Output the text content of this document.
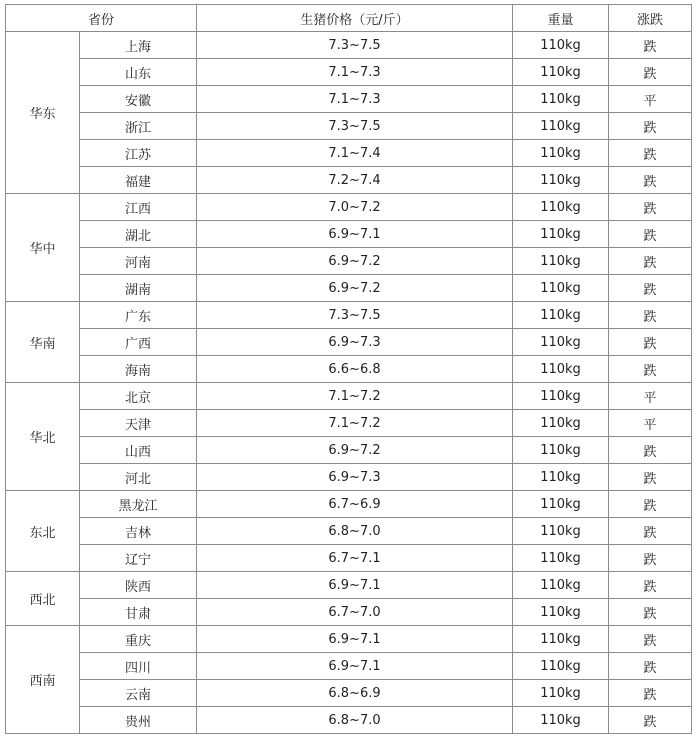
省份		生猪价格（元/斤）	重量	涨跌
华东	上海	7.3~7.5	110kg	跌
	山东	7.1~7.3	110kg	跌
	安徽	7.1~7.3	110kg	平
	浙江	7.3~7.5	110kg	跌
	江苏	7.1~7.4	110kg	跌
	福建	7.2~7.4	110kg	跌
华中	江西	7.0~7.2	110kg	跌
	湖北	6.9~7.1	110kg	跌
	河南	6.9~7.2	110kg	跌
	湖南	6.9~7.2	110kg	跌
华南	广东	7.3~7.5	110kg	跌
	广西	6.9~7.3	110kg	跌
	海南	6.6~6.8	110kg	跌
华北	北京	7.1~7.2	110kg	平
	天津	7.1~7.2	110kg	平
	山西	6.9~7.2	110kg	跌
	河北	6.9~7.3	110kg	跌
东北	黑龙江	6.7~6.9	110kg	跌
	吉林	6.8~7.0	110kg	跌
	辽宁	6.7~7.1	110kg	跌
西北	陕西	6.9~7.1	110kg	跌
	甘肃	6.7~7.0	110kg	跌
西南	重庆	6.9~7.1	110kg	跌
	四川	6.9~7.1	110kg	跌
	云南	6.8~6.9	110kg	跌
	贵州	6.8~7.0	110kg	跌
